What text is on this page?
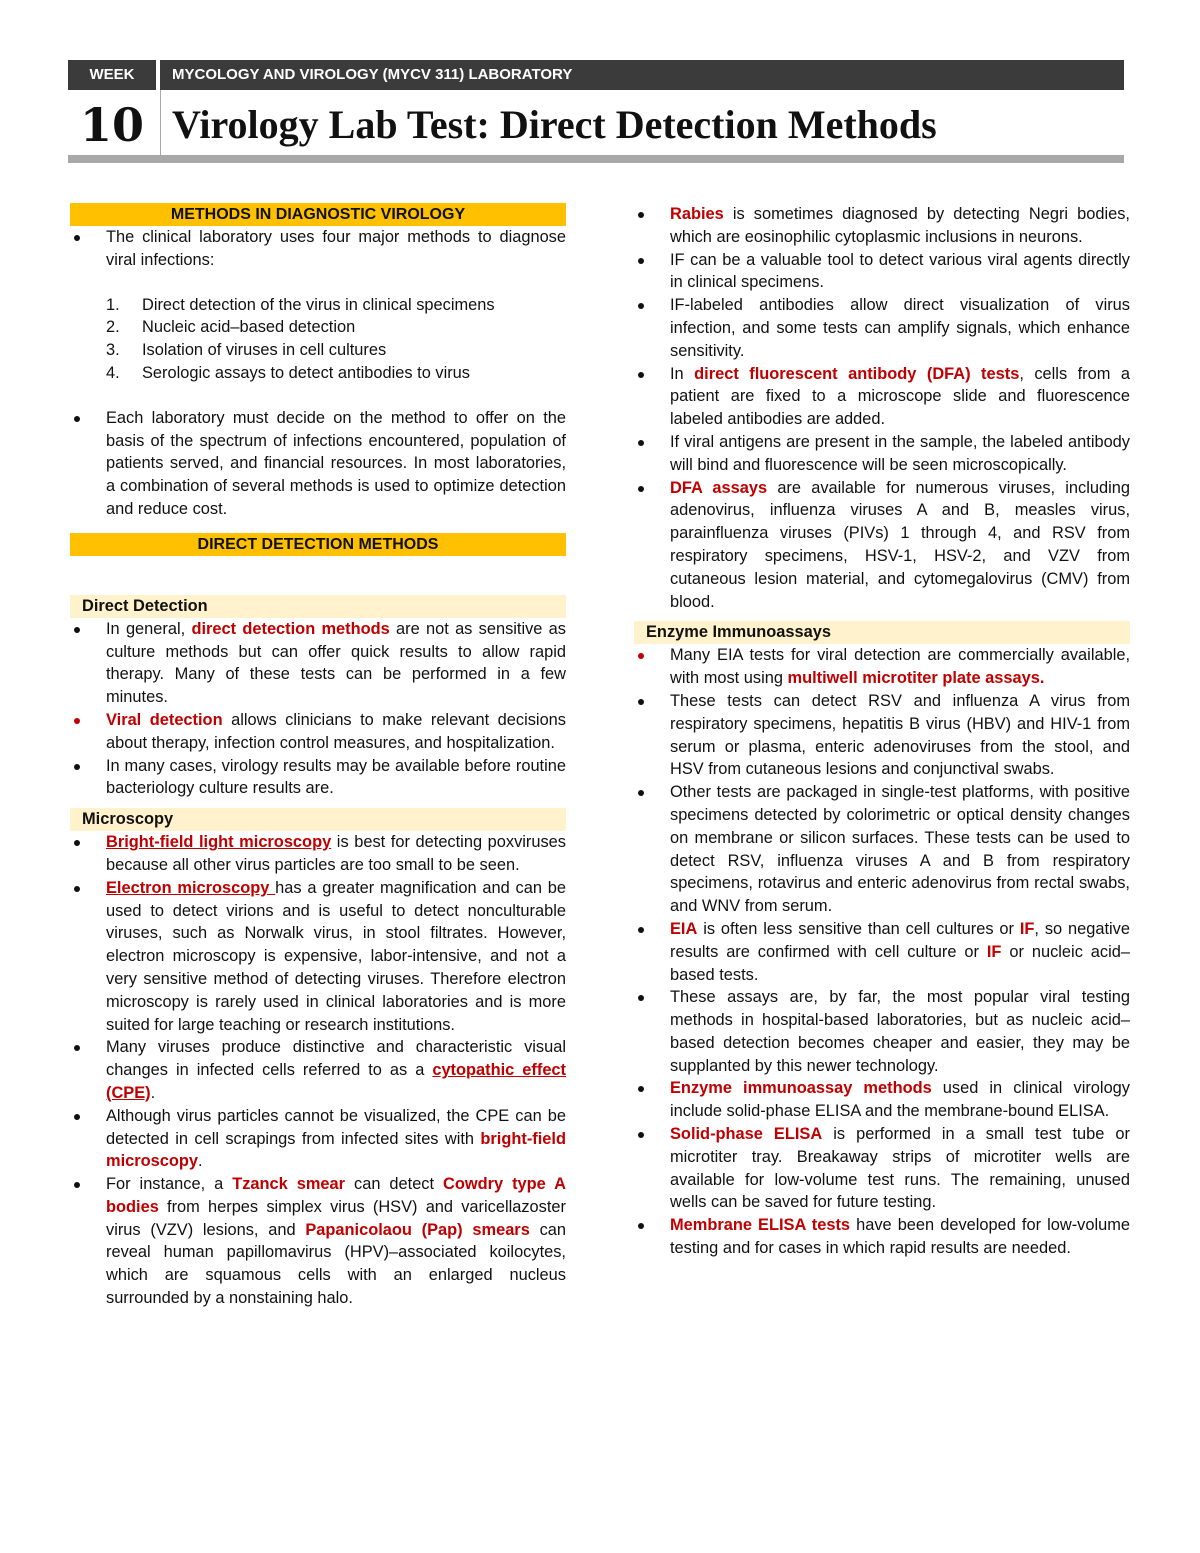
WEEK	MYCOLOGY AND VIROLOGY (MYCV 311) LABORATORY
10 Virology Lab Test: Direct Detection Methods
METHODS IN DIAGNOSTIC VIROLOGY
The clinical laboratory uses four major methods to diagnose viral infections:
1. Direct detection of the virus in clinical specimens
2. Nucleic acid–based detection
3. Isolation of viruses in cell cultures
4. Serologic assays to detect antibodies to virus
Each laboratory must decide on the method to offer on the basis of the spectrum of infections encountered, population of patients served, and financial resources. In most laboratories, a combination of several methods is used to optimize detection and reduce cost.
DIRECT DETECTION METHODS
Direct Detection
In general, direct detection methods are not as sensitive as culture methods but can offer quick results to allow rapid therapy. Many of these tests can be performed in a few minutes.
Viral detection allows clinicians to make relevant decisions about therapy, infection control measures, and hospitalization.
In many cases, virology results may be available before routine bacteriology culture results are.
Microscopy
Bright-field light microscopy is best for detecting poxviruses because all other virus particles are too small to be seen.
Electron microscopy has a greater magnification and can be used to detect virions and is useful to detect nonculturable viruses, such as Norwalk virus, in stool filtrates. However, electron microscopy is expensive, labor-intensive, and not a very sensitive method of detecting viruses. Therefore electron microscopy is rarely used in clinical laboratories and is more suited for large teaching or research institutions.
Many viruses produce distinctive and characteristic visual changes in infected cells referred to as a cytopathic effect (CPE).
Although virus particles cannot be visualized, the CPE can be detected in cell scrapings from infected sites with bright-field microscopy.
For instance, a Tzanck smear can detect Cowdry type A bodies from herpes simplex virus (HSV) and varicellazoster virus (VZV) lesions, and Papanicolaou (Pap) smears can reveal human papillomavirus (HPV)–associated koilocytes, which are squamous cells with an enlarged nucleus surrounded by a nonstaining halo.
Rabies is sometimes diagnosed by detecting Negri bodies, which are eosinophilic cytoplasmic inclusions in neurons.
IF can be a valuable tool to detect various viral agents directly in clinical specimens.
IF-labeled antibodies allow direct visualization of virus infection, and some tests can amplify signals, which enhance sensitivity.
In direct fluorescent antibody (DFA) tests, cells from a patient are fixed to a microscope slide and fluorescence labeled antibodies are added.
If viral antigens are present in the sample, the labeled antibody will bind and fluorescence will be seen microscopically.
DFA assays are available for numerous viruses, including adenovirus, influenza viruses A and B, measles virus, parainfluenza viruses (PIVs) 1 through 4, and RSV from respiratory specimens, HSV-1, HSV-2, and VZV from cutaneous lesion material, and cytomegalovirus (CMV) from blood.
Enzyme Immunoassays
Many EIA tests for viral detection are commercially available, with most using multiwell microtiter plate assays.
These tests can detect RSV and influenza A virus from respiratory specimens, hepatitis B virus (HBV) and HIV-1 from serum or plasma, enteric adenoviruses from the stool, and HSV from cutaneous lesions and conjunctival swabs.
Other tests are packaged in single-test platforms, with positive specimens detected by colorimetric or optical density changes on membrane or silicon surfaces. These tests can be used to detect RSV, influenza viruses A and B from respiratory specimens, rotavirus and enteric adenovirus from rectal swabs, and WNV from serum.
EIA is often less sensitive than cell cultures or IF, so negative results are confirmed with cell culture or IF or nucleic acid–based tests.
These assays are, by far, the most popular viral testing methods in hospital-based laboratories, but as nucleic acid–based detection becomes cheaper and easier, they may be supplanted by this newer technology.
Enzyme immunoassay methods used in clinical virology include solid-phase ELISA and the membrane-bound ELISA.
Solid-phase ELISA is performed in a small test tube or microtiter tray. Breakaway strips of microtiter wells are available for low-volume test runs. The remaining, unused wells can be saved for future testing.
Membrane ELISA tests have been developed for low-volume testing and for cases in which rapid results are needed.
